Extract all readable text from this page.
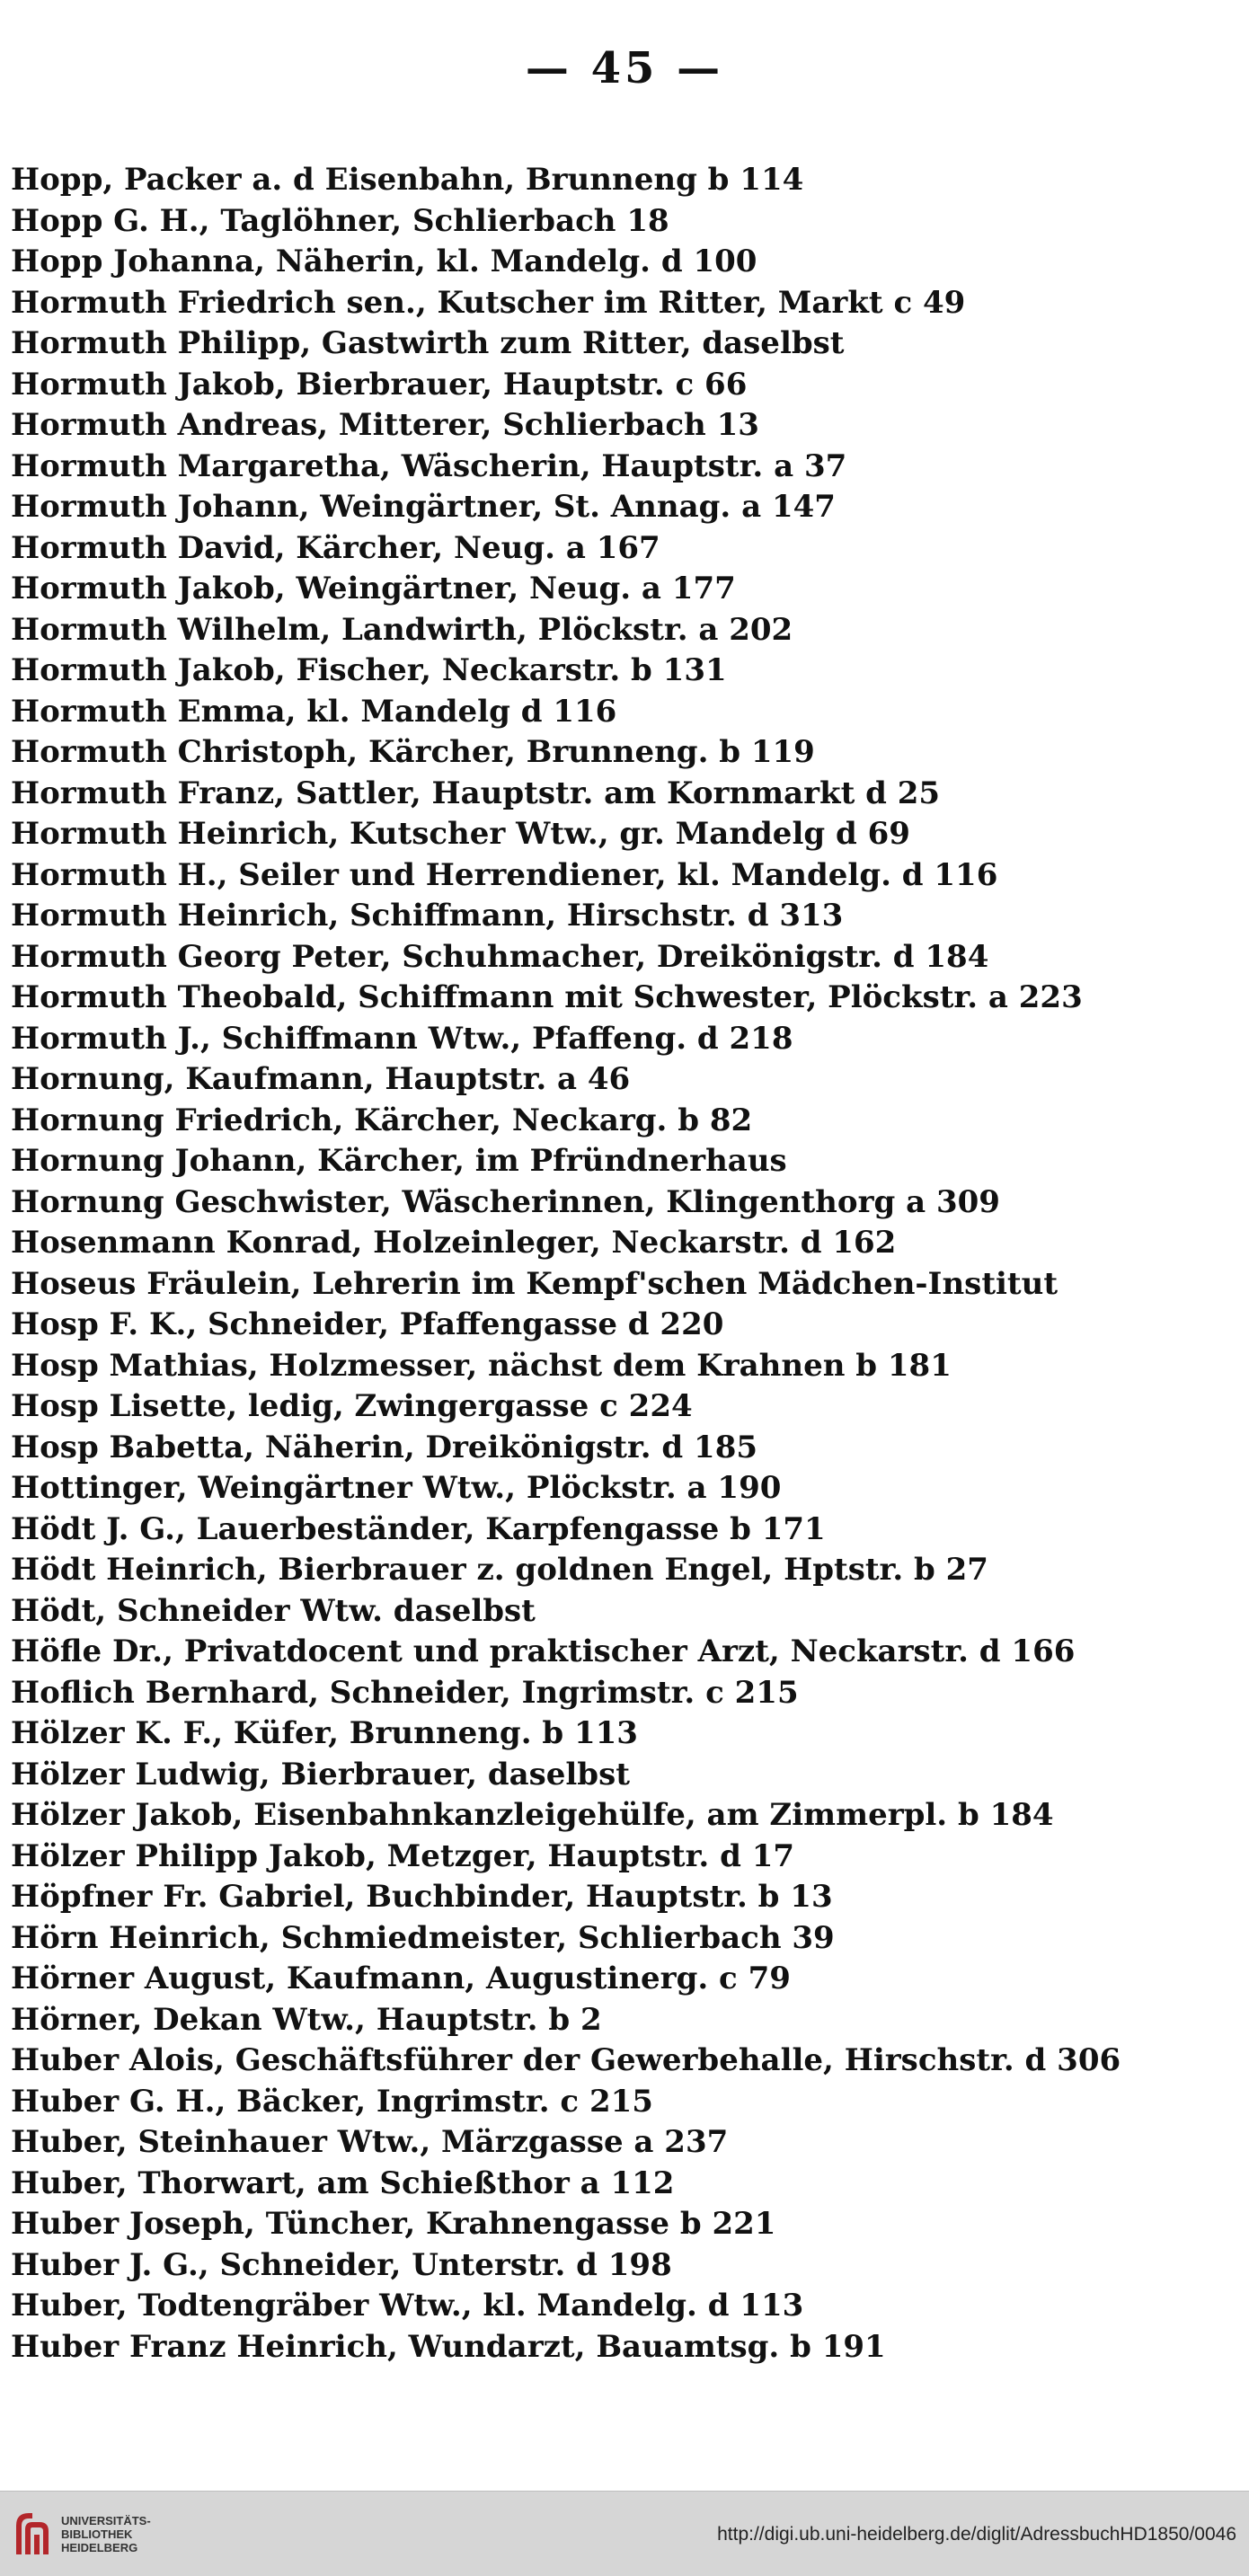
— 45 —
Hopp, Packer a. d Eisenbahn, Brunneng b 114
Hopp G. H., Taglöhner, Schlierbach 18
Hopp Johanna, Näherin, kl. Mandelg. d 100
Hormuth Friedrich sen., Kutscher im Ritter, Markt c 49
Hormuth Philipp, Gastwirth zum Ritter, daselbst
Hormuth Jakob, Bierbrauer, Hauptstr. c 66
Hormuth Andreas, Mitterer, Schlierbach 13
Hormuth Margaretha, Wäscherin, Hauptstr. a 37
Hormuth Johann, Weingärtner, St. Annag. a 147
Hormuth David, Kärcher, Neug. a 167
Hormuth Jakob, Weingärtner, Neug. a 177
Hormuth Wilhelm, Landwirth, Plöckstr. a 202
Hormuth Jakob, Fischer, Neckarstr. b 131
Hormuth Emma, kl. Mandelg d 116
Hormuth Christoph, Kärcher, Brunneng. b 119
Hormuth Franz, Sattler, Hauptstr. am Kornmarkt d 25
Hormuth Heinrich, Kutscher Wtw., gr. Mandelg d 69
Hormuth H., Seiler und Herrendiener, kl. Mandelg. d 116
Hormuth Heinrich, Schiffmann, Hirschstr. d 313
Hormuth Georg Peter, Schuhmacher, Dreikönigstr. d 184
Hormuth Theobald, Schiffmann mit Schwester, Plöckstr. a 223
Hormuth J., Schiffmann Wtw., Pfaffeng. d 218
Hornung, Kaufmann, Hauptstr. a 46
Hornung Friedrich, Kärcher, Neckarg. b 82
Hornung Johann, Kärcher, im Pfründnerhaus
Hornung Geschwister, Wäscherinnen, Klingenthorg a 309
Hosenmann Konrad, Holzeinleger, Neckarstr. d 162
Hoseus Fräulein, Lehrerin im Kempf'schen Mädchen-Institut
Hosp F. K., Schneider, Pfaffengasse d 220
Hosp Mathias, Holzmesser, nächst dem Krahnen b 181
Hosp Lisette, ledig, Zwingergasse c 224
Hosp Babetta, Näherin, Dreikönigstr. d 185
Hottinger, Weingärtner Wtw., Plöckstr. a 190
Hödt J. G., Lauerbeständer, Karpfengasse b 171
Hödt Heinrich, Bierbrauer z. goldnen Engel, Hptstr. b 27
Hödt, Schneider Wtw. daselbst
Höfle Dr., Privatdocent und praktischer Arzt, Neckarstr. d 166
Hoflich Bernhard, Schneider, Ingrimstr. c 215
Hölzer K. F., Küfer, Brunneng. b 113
Hölzer Ludwig, Bierbrauer, daselbst
Hölzer Jakob, Eisenbahnkanzleigehülfe, am Zimmerpl. b 184
Hölzer Philipp Jakob, Metzger, Hauptstr. d 17
Höpfner Fr. Gabriel, Buchbinder, Hauptstr. b 13
Hörn Heinrich, Schmiedmeister, Schlierbach 39
Hörner August, Kaufmann, Augustinerg. c 79
Hörner, Dekan Wtw., Hauptstr. b 2
Huber Alois, Geschäftsführer der Gewerbehalle, Hirschstr. d 306
Huber G. H., Bäcker, Ingrimstr. c 215
Huber, Steinhauer Wtw., Märzgasse a 237
Huber, Thorwart, am Schießthor a 112
Huber Joseph, Tüncher, Krahnengasse b 221
Huber J. G., Schneider, Unterstr. d 198
Huber, Todtengräber Wtw., kl. Mandelg. d 113
Huber Franz Heinrich, Wundarzt, Bauamtsg. b 191
UNIVERSITÄTS-
BIBLIOTHEK
HEIDELBERG
http://digi.ub.uni-heidelberg.de/diglit/AdressbuchHD1850/0046
